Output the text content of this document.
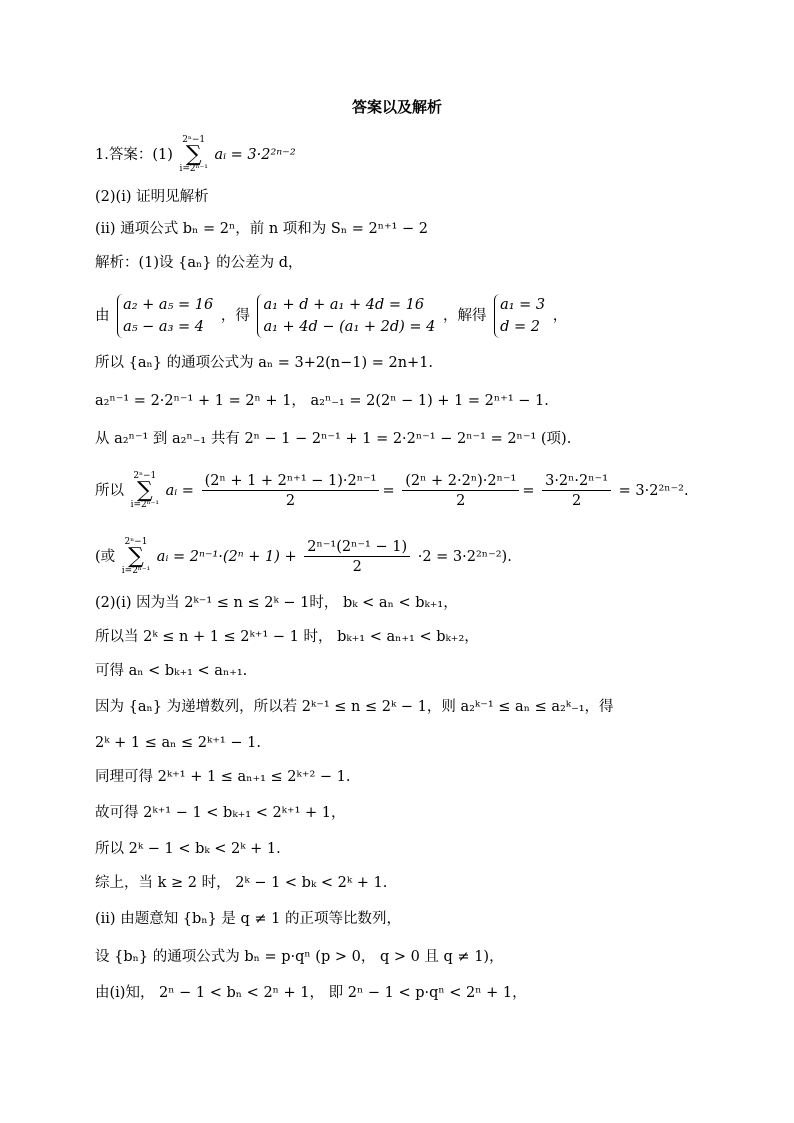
答案以及解析
1.答案：(1) 2ⁿ−1
∑
i=2ⁿ⁻¹ aᵢ = 3·2²ⁿ⁻²
(2)(i) 证明见解析
(ii) 通项公式 bₙ = 2ⁿ，前 n 项和为 Sₙ = 2ⁿ⁺¹ − 2
解析：(1)设 {aₙ} 的公差为 d，
由
a₂ + a₅ = 16
a₅ − a₃ = 4
，得
a₁ + d + a₁ + 4d = 16
a₁ + 4d − (a₁ + 2d) = 4
，解得
a₁ = 3
d = 2
，
所以 {aₙ} 的通项公式为 aₙ = 3+2(n−1) = 2n+1.
a₂ⁿ⁻¹ = 2·2ⁿ⁻¹ + 1 = 2ⁿ + 1， a₂ⁿ₋₁ = 2(2ⁿ − 1) + 1 = 2ⁿ⁺¹ − 1.
从 a₂ⁿ⁻¹ 到 a₂ⁿ₋₁ 共有 2ⁿ − 1 − 2ⁿ⁻¹ + 1 = 2·2ⁿ⁻¹ − 2ⁿ⁻¹ = 2ⁿ⁻¹ (项).
所以 2ⁿ−1
∑
i=2ⁿ⁻¹ aᵢ = $\frac{\text{(2ⁿ + 1 + 2ⁿ⁺¹ − 1)·2ⁿ⁻¹}}{2} = \frac{\text{(2ⁿ + 2·2ⁿ)·2ⁿ⁻¹}}{2} = \frac{\text{3·2ⁿ·2ⁿ⁻¹}}{2} = 3\cdot 2^{2n-2}$.
(或 2ⁿ−1
∑
i=2ⁿ⁻¹ aᵢ = $2^{n-1}\cdot(2^n + 1) + \frac{\text{2ⁿ⁻¹(2ⁿ⁻¹ − 1)}}{2} \cdot 2 = 3\cdot 2^{2n-2}$).
(2)(i) 因为当 2ᵏ⁻¹ ≤ n ≤ 2ᵏ − 1时， bₖ < aₙ < bₖ₊₁，
所以当 2ᵏ ≤ n + 1 ≤ 2ᵏ⁺¹ − 1 时， bₖ₊₁ < aₙ₊₁ < bₖ₊₂，
可得 aₙ < bₖ₊₁ < aₙ₊₁.
因为 {aₙ} 为递增数列，所以若 2ᵏ⁻¹ ≤ n ≤ 2ᵏ − 1，则 a₂ᵏ⁻¹ ≤ aₙ ≤ a₂ᵏ₋₁，得
2ᵏ + 1 ≤ aₙ ≤ 2ᵏ⁺¹ − 1.
同理可得 2ᵏ⁺¹ + 1 ≤ aₙ₊₁ ≤ 2ᵏ⁺² − 1.
故可得 2ᵏ⁺¹ − 1 < bₖ₊₁ < 2ᵏ⁺¹ + 1，
所以 2ᵏ − 1 < bₖ < 2ᵏ + 1.
综上，当 k ≥ 2 时， 2ᵏ − 1 < bₖ < 2ᵏ + 1.
(ii) 由题意知 {bₙ} 是 q ≠ 1 的正项等比数列，
设 {bₙ} 的通项公式为 bₙ = p·qⁿ (p > 0， q > 0 且 q ≠ 1)，
由(i)知， 2ⁿ − 1 < bₙ < 2ⁿ + 1， 即 2ⁿ − 1 < p·qⁿ < 2ⁿ + 1，
